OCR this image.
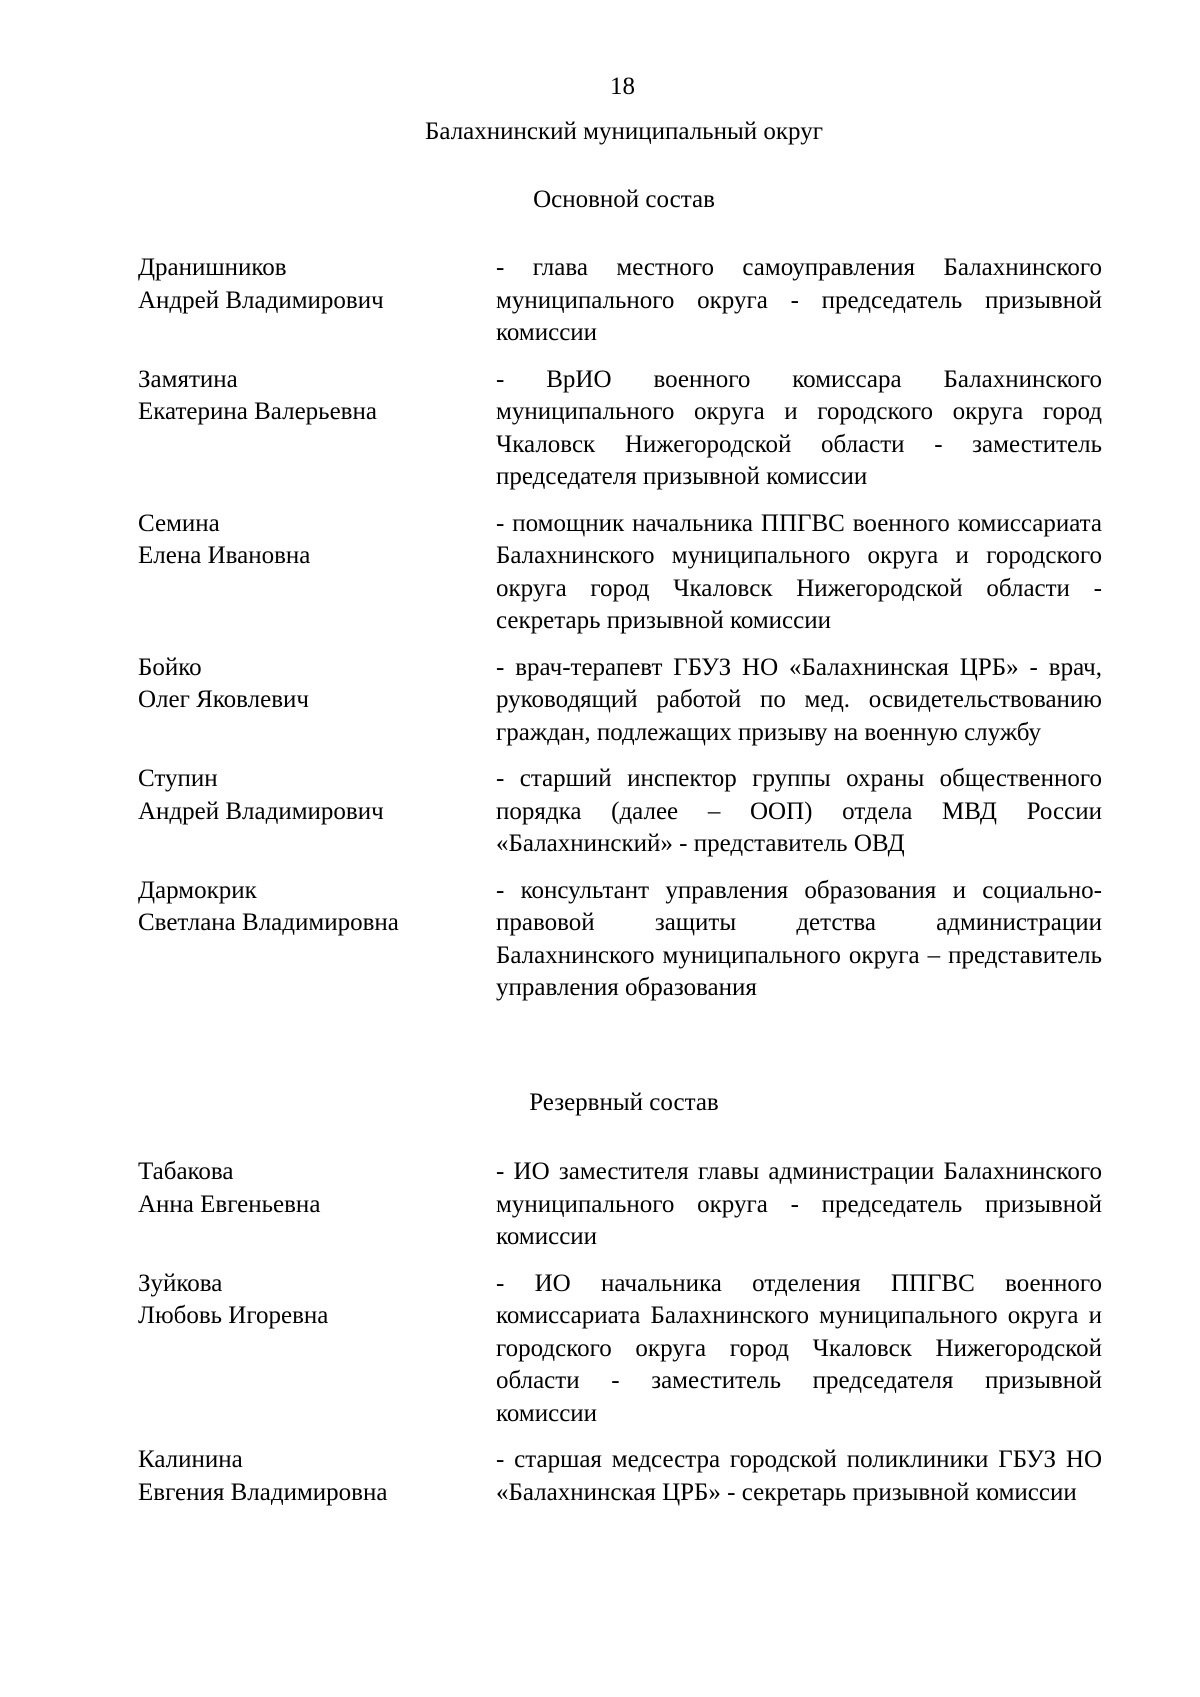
18
Балахнинский муниципальный округ
Основной состав
Дранишников
Андрей Владимирович
- глава местного самоуправления Балахнинского муниципального округа - председатель призывной комиссии
Замятина
Екатерина Валерьевна
- ВрИО военного комиссара Балахнинского муниципального округа и городского округа город Чкаловск Нижегородской области - заместитель председателя призывной комиссии
Семина
Елена Ивановна
- помощник начальника ППГВС военного комиссариата Балахнинского муниципального округа и городского округа город Чкаловск Нижегородской области - секретарь призывной комиссии
Бойко
Олег Яковлевич
- врач-терапевт ГБУЗ НО «Балахнинская ЦРБ» - врач, руководящий работой по мед. освидетельствованию граждан, подлежащих призыву на военную службу
Ступин
Андрей Владимирович
- старший инспектор группы охраны общественного порядка (далее – ООП) отдела МВД России «Балахнинский» - представитель ОВД
Дармокрик
Светлана Владимировна
- консультант управления образования и социально-правовой защиты детства администрации Балахнинского муниципального округа – представитель управления образования
Резервный состав
Табакова
Анна Евгеньевна
- ИО заместителя главы администрации Балахнинского муниципального округа - председатель призывной комиссии
Зуйкова
Любовь Игоревна
- ИО начальника отделения ППГВС военного комиссариата Балахнинского муниципального округа и городского округа город Чкаловск Нижегородской области - заместитель председателя призывной комиссии
Калинина
Евгения Владимировна
- старшая медсестра городской поликлиники ГБУЗ НО «Балахнинская ЦРБ» - секретарь призывной комиссии
